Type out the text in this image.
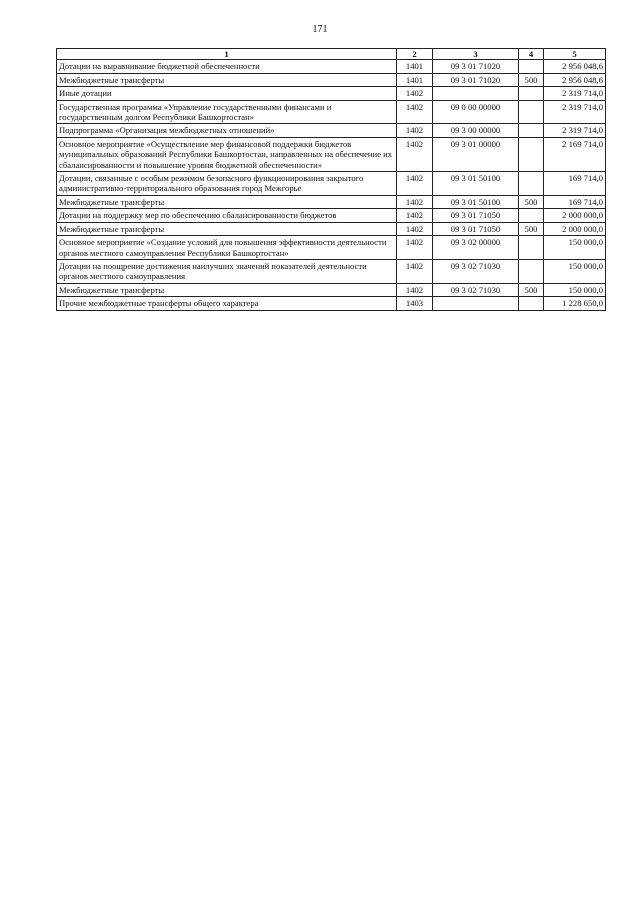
171
1	2	3	4	5
Дотации на выравнивание бюджетной обеспеченности	1401	09 3 01 71020		2 956 048,6
Межбюджетные трансферты	1401	09 3 01 71020	500	2 956 048,6
Иные дотации	1402			2 319 714,0
Государственная программа «Управление государственными финансами и государственным долгом Республики Башкортостан»	1402	09 0 00 00000		2 319 714,0
Подпрограмма «Организация межбюджетных отношений»	1402	09 3 00 00000		2 319 714,0
Основное мероприятие «Осуществление мер финансовой поддержки бюджетов муниципальных образований Республики Башкортостан, направленных на обеспечение их сбалансированности и повышение уровня бюджетной обеспеченности»	1402	09 3 01 00000		2 169 714,0
Дотации, связанные с особым режимом безопасного функционирования закрытого административно-территориального образования город Межгорье	1402	09 3 01 50100		169 714,0
Межбюджетные трансферты	1402	09 3 01 50100	500	169 714,0
Дотации на поддержку мер по обеспечению сбалансированности бюджетов	1402	09 3 01 71050		2 000 000,0
Межбюджетные трансферты	1402	09 3 01 71050	500	2 000 000,0
Основное мероприятие «Создание условий для повышения эффективности деятельности органов местного самоуправления Республики Башкортостан»	1402	09 3 02 00000		150 000,0
Дотации на поощрение достижения наилучших значений показателей деятельности органов местного самоуправления	1402	09 3 02 71030		150 000,0
Межбюджетные трансферты	1402	09 3 02 71030	500	150 000,0
Прочие межбюджетные трансферты общего характера	1403			1 228 650,0
